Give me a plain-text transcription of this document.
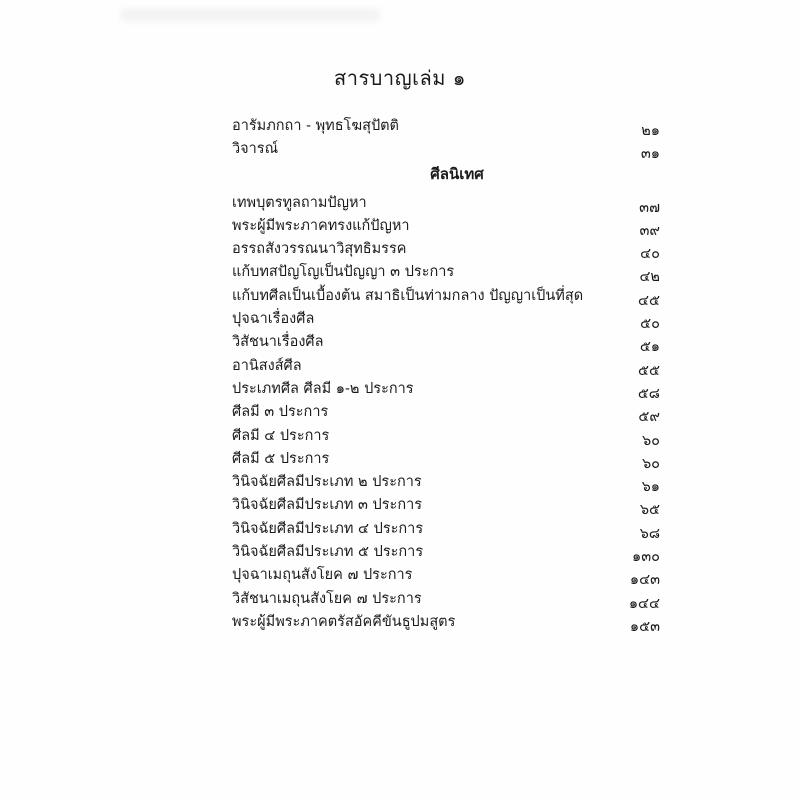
สารบาญเล่ม ๑
อารัมภกถา - พุทธโฆสุปัตติ	๒๑
วิจารณ์	๓๑
ศีลนิเทศ
เทพบุตรทูลถามปัญหา	๓๗
พระผู้มีพระภาคทรงแก้ปัญหา	๓๙
อรรถสังวรรณนาวิสุทธิมรรค	๔๐
แก้บทสปัญโญเป็นปัญญา ๓ ประการ	๔๒
แก้บทศีลเป็นเบื้องต้น สมาธิเป็นท่ามกลาง ปัญญาเป็นที่สุด	๔๕
ปุจฉาเรื่องศีล	๕๐
วิสัชนาเรื่องศีล	๕๑
อานิสงส์ศีล	๕๕
ประเภทศีล ศีลมี ๑-๒ ประการ	๕๘
ศีลมี ๓ ประการ	๕๙
ศีลมี ๔ ประการ	๖๐
ศีลมี ๕ ประการ	๖๐
วินิจฉัยศีลมีประเภท ๒ ประการ	๖๑
วินิจฉัยศีลมีประเภท ๓ ประการ	๖๕
วินิจฉัยศีลมีประเภท ๔ ประการ	๖๘
วินิจฉัยศีลมีประเภท ๕ ประการ	๑๓๐
ปุจฉาเมถุนสังโยค ๗ ประการ	๑๔๓
วิสัชนาเมถุนสังโยค ๗ ประการ	๑๔๔
พระผู้มีพระภาคตรัสอัคคีขันธูปมสูตร	๑๕๓
